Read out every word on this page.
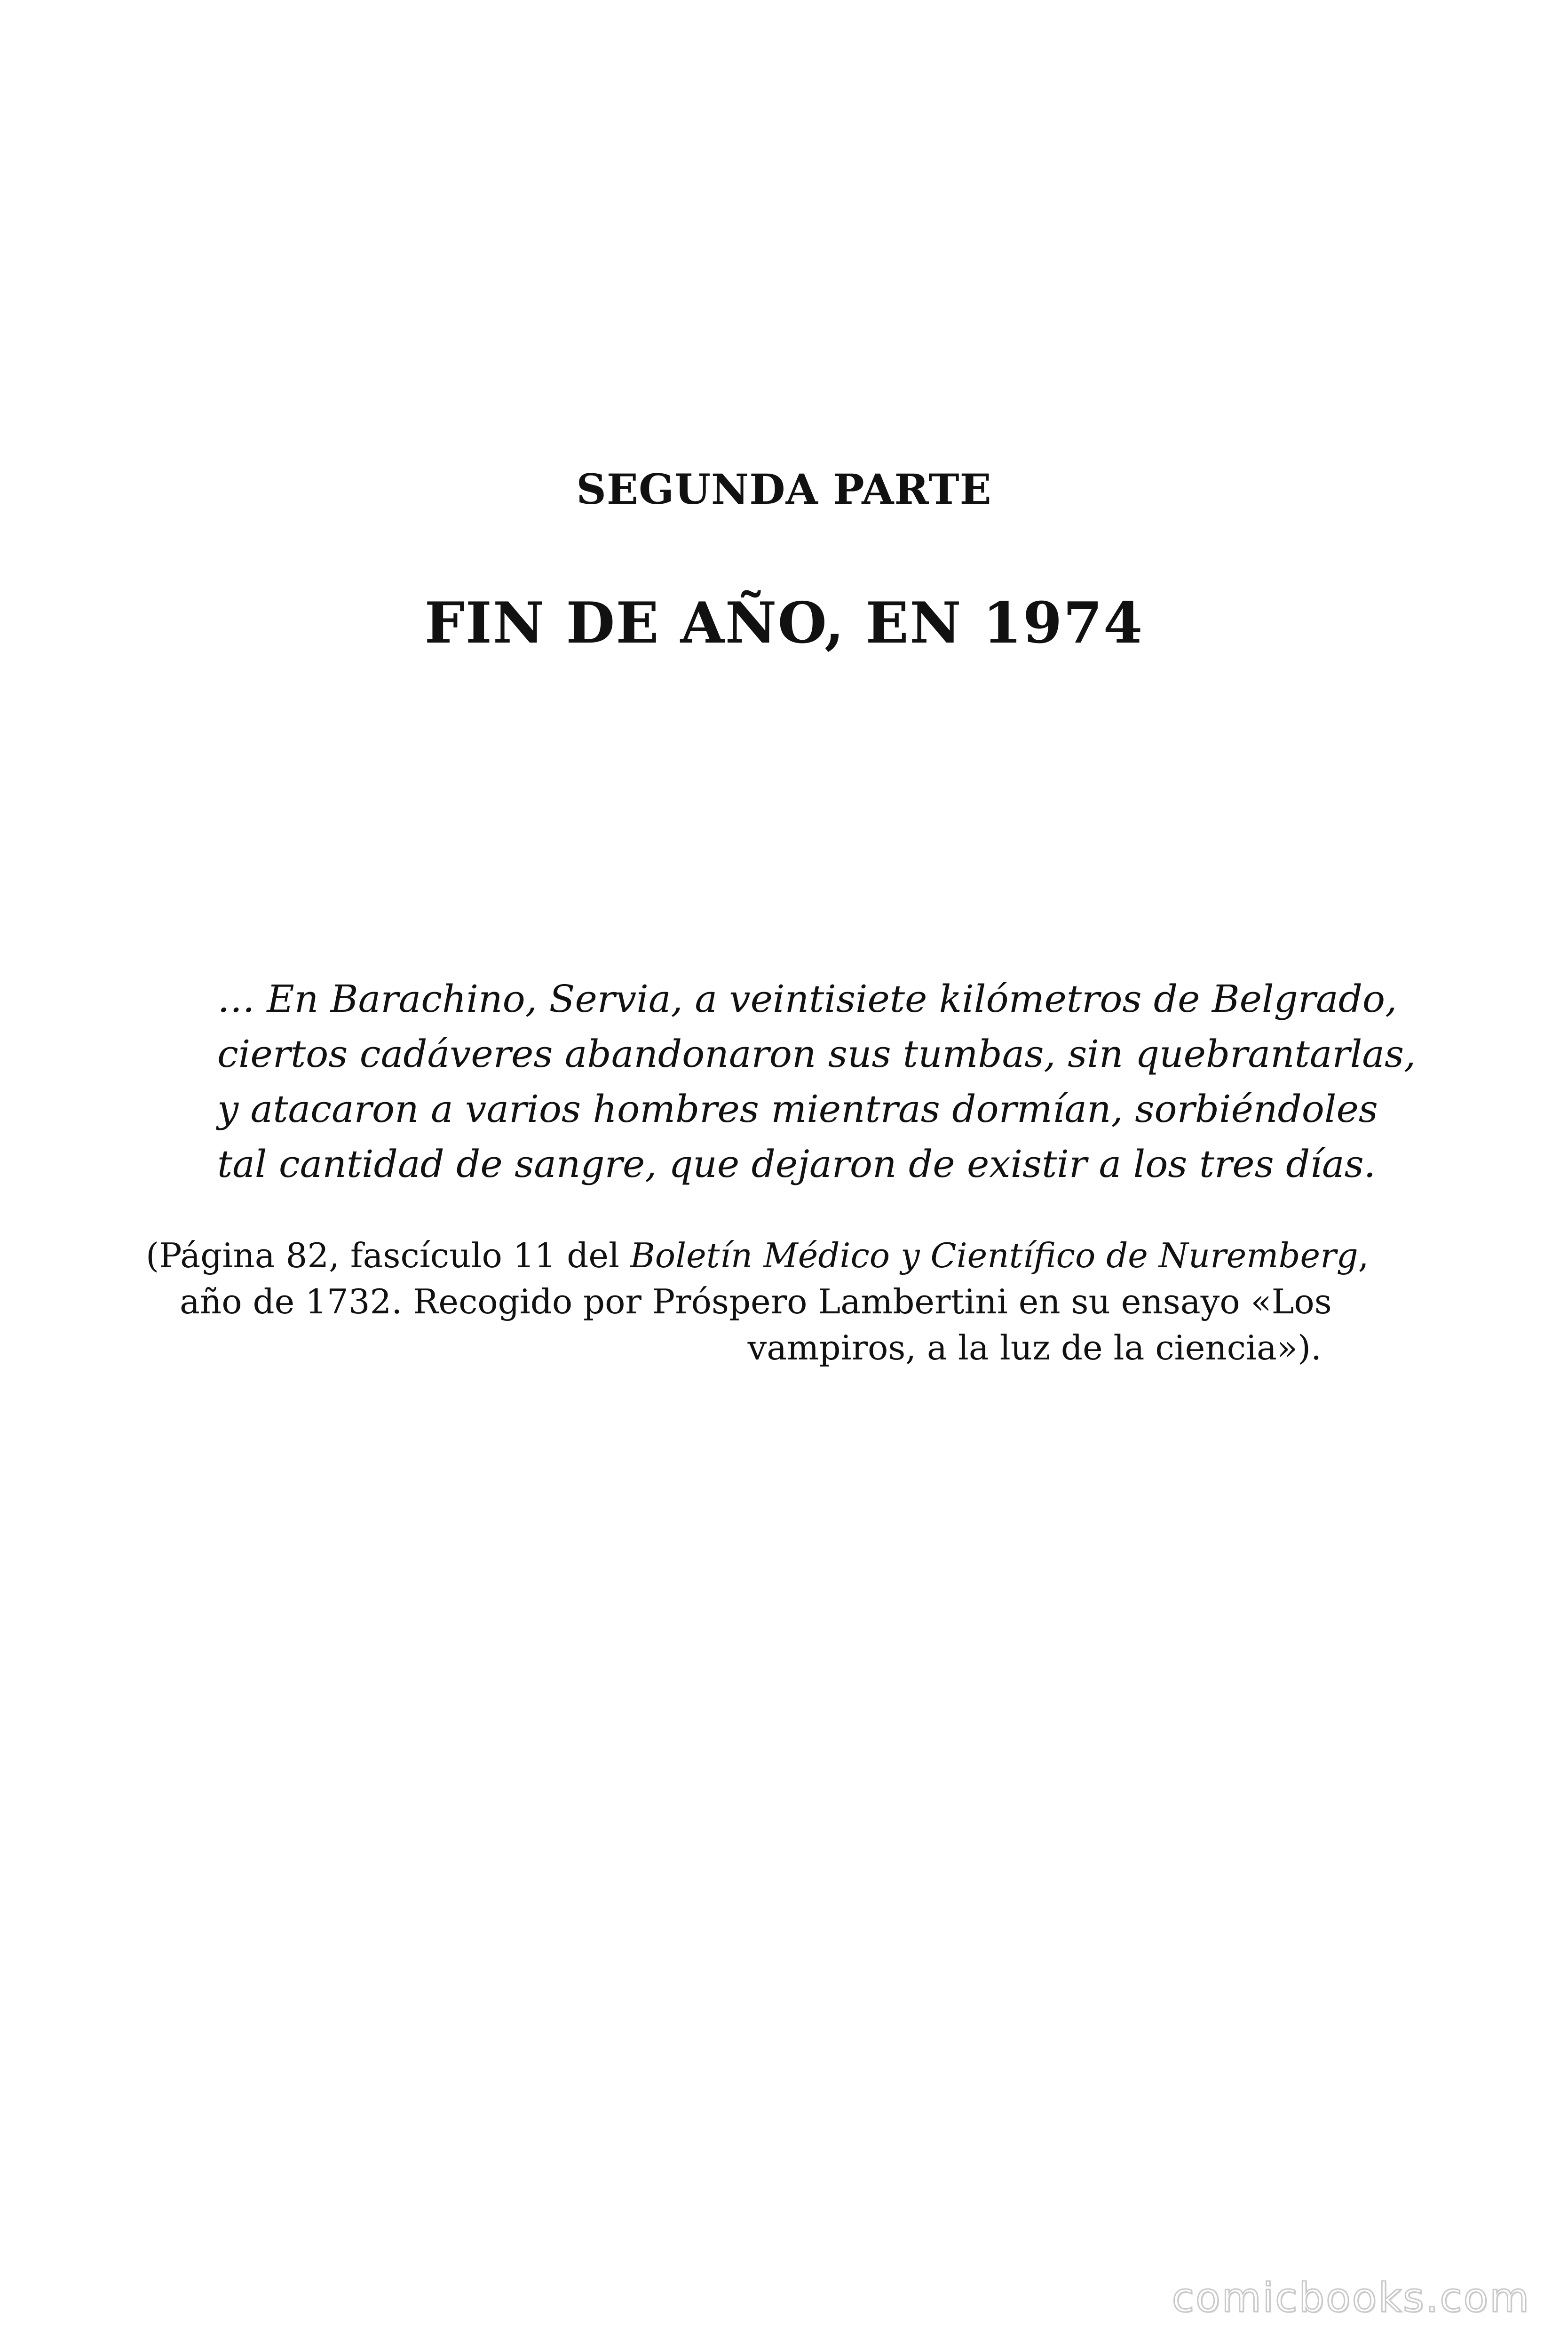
SEGUNDA PARTE
FIN DE AÑO, EN 1974
… En Barachino, Servia, a veintisiete kilómetros de Belgrado,
ciertos cadáveres abandonaron sus tumbas, sin quebrantarlas,
y atacaron a varios hombres mientras dormían, sorbiéndoles
tal cantidad de sangre, que dejaron de existir a los tres días.
(Página 82, fascículo 11 del Boletín Médico y Científico de Nuremberg,
año de 1732. Recogido por Próspero Lambertini en su ensayo «Los
vampiros, a la luz de la ciencia»).
comicbooks.com
